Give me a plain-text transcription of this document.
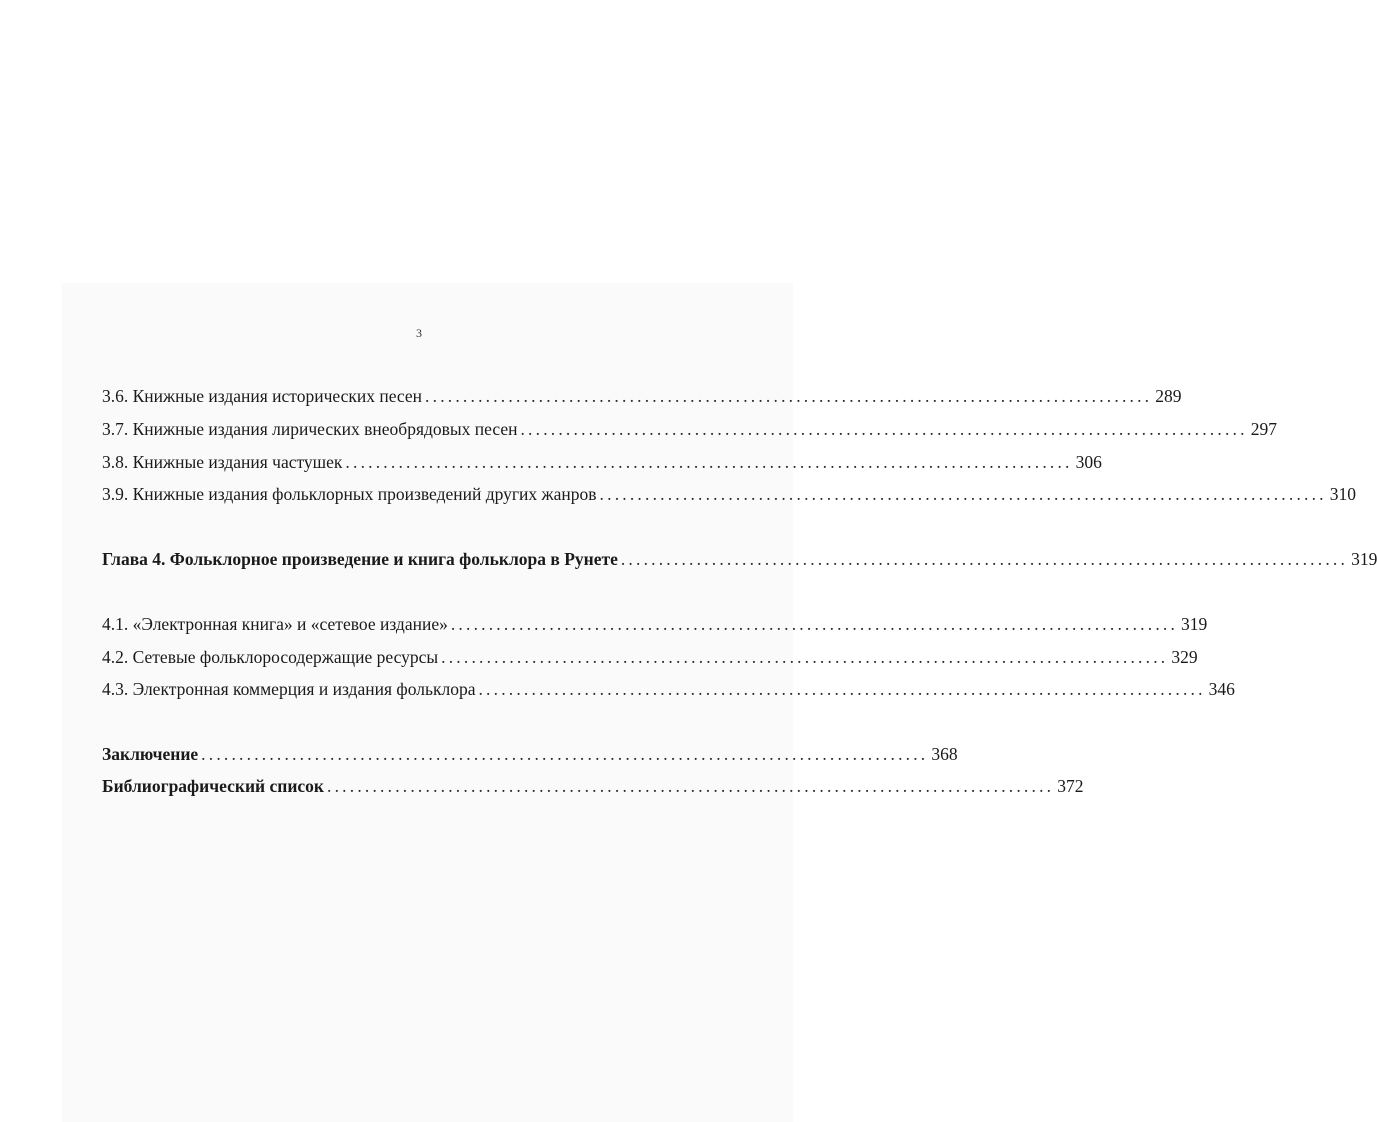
3
3.6. Книжные издания исторических песен ................................................................................................ 289
3.7. Книжные издания лирических внеобрядовых песен ................................................................................................ 297
3.8. Книжные издания частушек ................................................................................................ 306
3.9. Книжные издания фольклорных произведений других жанров ................................................................................................ 310
Глава 4. Фольклорное произведение и книга фольклора в Рунете ................................................................................................ 319
4.1. «Электронная книга» и «сетевое издание» ................................................................................................ 319
4.2. Сетевые фольклоросодержащие ресурсы ................................................................................................ 329
4.3. Электронная коммерция и издания фольклора ................................................................................................ 346
Заключение ................................................................................................ 368
Библиографический список ................................................................................................ 372
